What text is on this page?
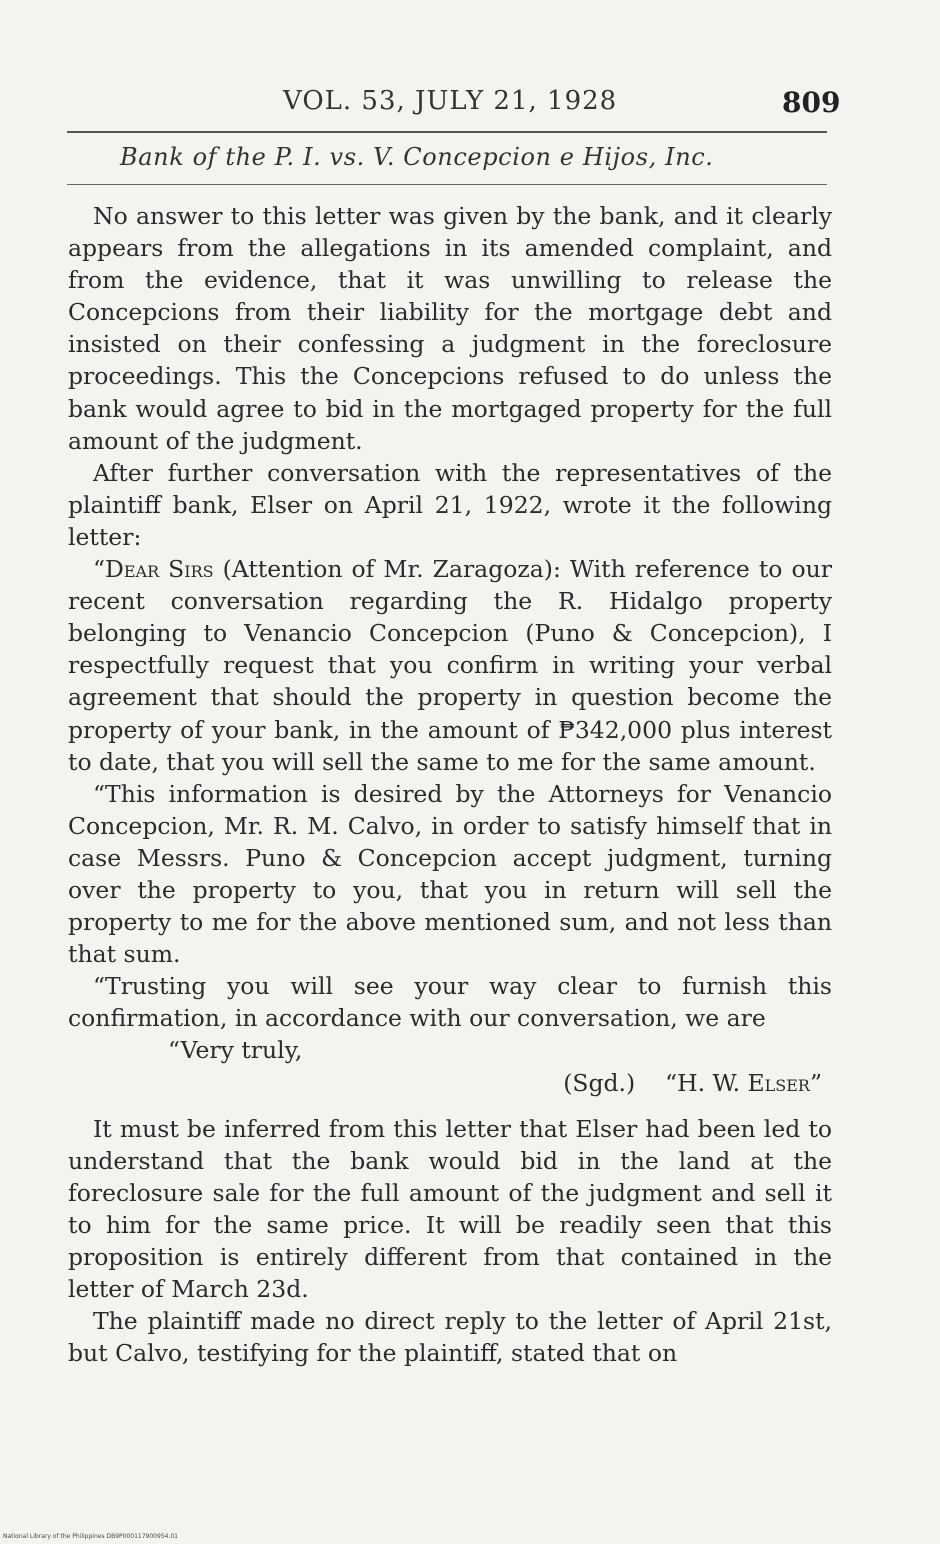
VOL. 53, JULY 21, 1928	809
Bank of the P. I. vs. V. Concepcion e Hijos, Inc.

No answer to this letter was given by the bank, and it clearly appears from the allegations in its amended complaint, and from the evidence, that it was unwilling to release the Concepcions from their liability for the mortgage debt and insisted on their confessing a judgment in the foreclosure proceedings. This the Concepcions refused to do unless the bank would agree to bid in the mortgaged property for the full amount of the judgment.

After further conversation with the representatives of the plaintiff bank, Elser on April 21, 1922, wrote it the following letter:

“Dear Sirs (Attention of Mr. Zaragoza): With reference to our recent conversation regarding the R. Hidalgo property belonging to Venancio Concepcion (Puno & Concepcion), I respectfully request that you confirm in writing your verbal agreement that should the property in question become the property of your bank, in the amount of ₱342,000 plus interest to date, that you will sell the same to me for the same amount.

“This information is desired by the Attorneys for Venancio Concepcion, Mr. R. M. Calvo, in order to satisfy himself that in case Messrs. Puno & Concepcion accept judgment, turning over the property to you, that you in return will sell the property to me for the above mentioned sum, and not less than that sum.

“Trusting you will see your way clear to furnish this confirmation, in accordance with our conversation, we are

“Very truly,

(Sgd.) “H. W. Elser”

It must be inferred from this letter that Elser had been led to understand that the bank would bid in the land at the foreclosure sale for the full amount of the judgment and sell it to him for the same price. It will be readily seen that this proposition is entirely different from that contained in the letter of March 23d.

The plaintiff made no direct reply to the letter of April 21st, but Calvo, testifying for the plaintiff, stated that on

National Library of the Philippines DB9P000117900954.01
